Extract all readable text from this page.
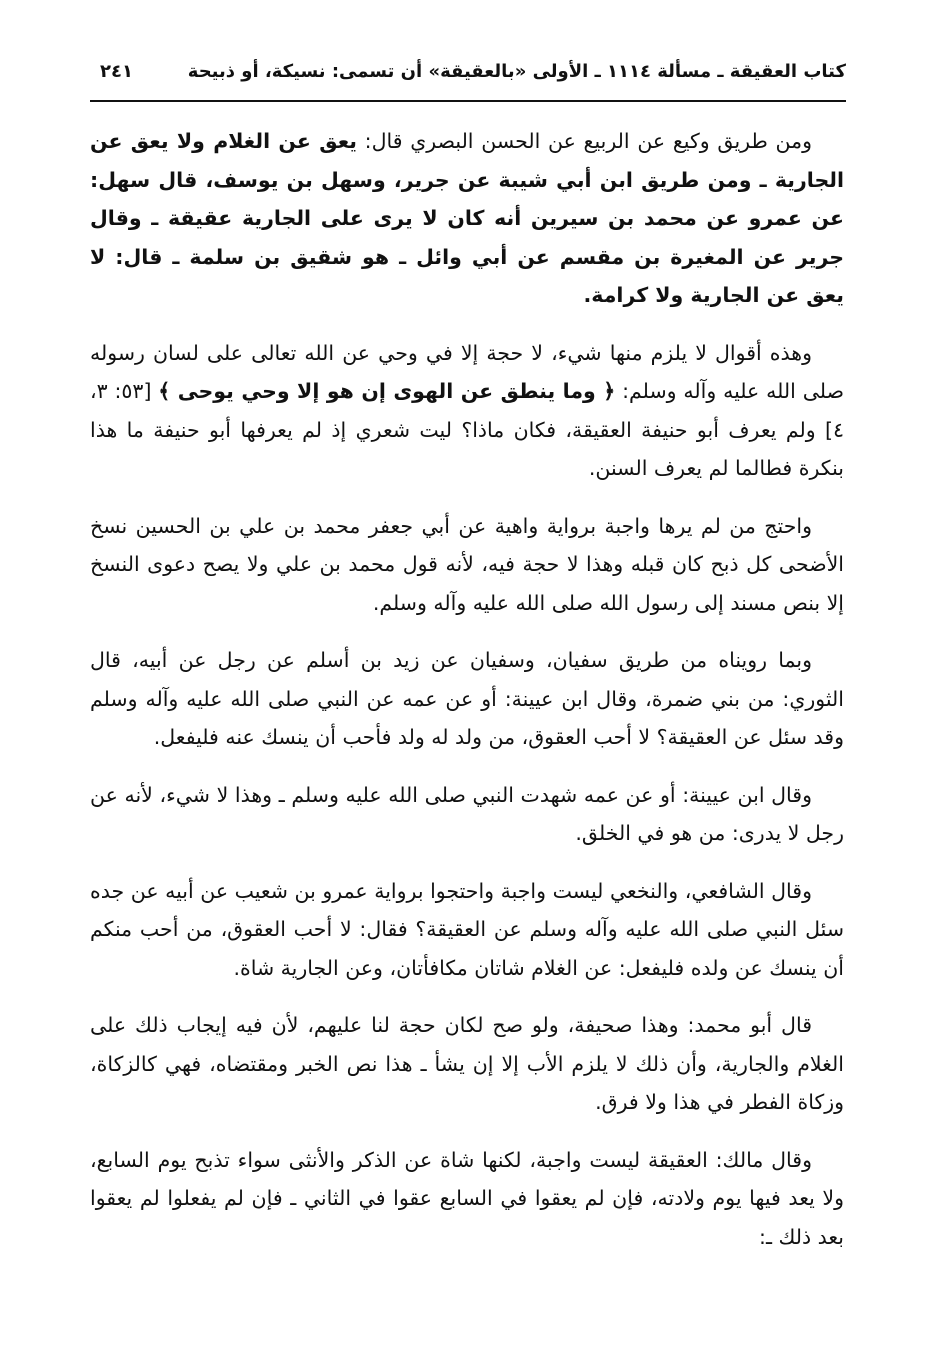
كتاب العقيقة ـ مسألة ١١١٤ ـ الأولى «بالعقيقة» أن تسمى: نسيكة، أو ذبيحة
٢٤١

ومن طريق وكيع عن الربيع عن الحسن البصري قال: يعق عن الغلام ولا يعق عن الجارية ـ ومن طريق ابن أبي شيبة عن جرير، وسهل بن يوسف، قال سهل: عن عمرو عن محمد بن سيرين أنه كان لا يرى على الجارية عقيقة ـ وقال جرير عن المغيرة بن مقسم عن أبي وائل ـ هو شقيق بن سلمة ـ قال: لا يعق عن الجارية ولا كرامة.

وهذه أقوال لا يلزم منها شيء، لا حجة إلا في وحي عن الله تعالى على لسان رسوله صلى الله عليه وآله وسلم: ﴿ وما ينطق عن الهوى إن هو إلا وحي يوحى ﴾ [٥٣: ٣، ٤] ولم يعرف أبو حنيفة العقيقة، فكان ماذا؟ ليت شعري إذ لم يعرفها أبو حنيفة ما هذا بنكرة فطالما لم يعرف السنن.

واحتج من لم يرها واجبة برواية واهية عن أبي جعفر محمد بن علي بن الحسين نسخ الأضحى كل ذبح كان قبله وهذا لا حجة فيه، لأنه قول محمد بن علي ولا يصح دعوى النسخ إلا بنص مسند إلى رسول الله صلى الله عليه وآله وسلم.

وبما رويناه من طريق سفيان، وسفيان عن زيد بن أسلم عن رجل عن أبيه، قال الثوري: من بني ضمرة، وقال ابن عيينة: أو عن عمه عن النبي صلى الله عليه وآله وسلم وقد سئل عن العقيقة؟ لا أحب العقوق، من ولد له ولد فأحب أن ينسك عنه فليفعل.

وقال ابن عيينة: أو عن عمه شهدت النبي صلى الله عليه وسلم ـ وهذا لا شيء، لأنه عن رجل لا يدرى: من هو في الخلق.

وقال الشافعي، والنخعي ليست واجبة واحتجوا برواية عمرو بن شعيب عن أبيه عن جده سئل النبي صلى الله عليه وآله وسلم عن العقيقة؟ فقال: لا أحب العقوق، من أحب منكم أن ينسك عن ولده فليفعل: عن الغلام شاتان مكافأتان، وعن الجارية شاة.

قال أبو محمد: وهذا صحيفة، ولو صح لكان حجة لنا عليهم، لأن فيه إيجاب ذلك على الغلام والجارية، وأن ذلك لا يلزم الأب إلا إن يشأ ـ هذا نص الخبر ومقتضاه، فهي كالزكاة، وزكاة الفطر في هذا ولا فرق.

وقال مالك: العقيقة ليست واجبة، لكنها شاة عن الذكر والأنثى سواء تذبح يوم السابع، ولا يعد فيها يوم ولادته، فإن لم يعقوا في السابع عقوا في الثاني ـ فإن لم يفعلوا لم يعقوا بعد ذلك ـ:
